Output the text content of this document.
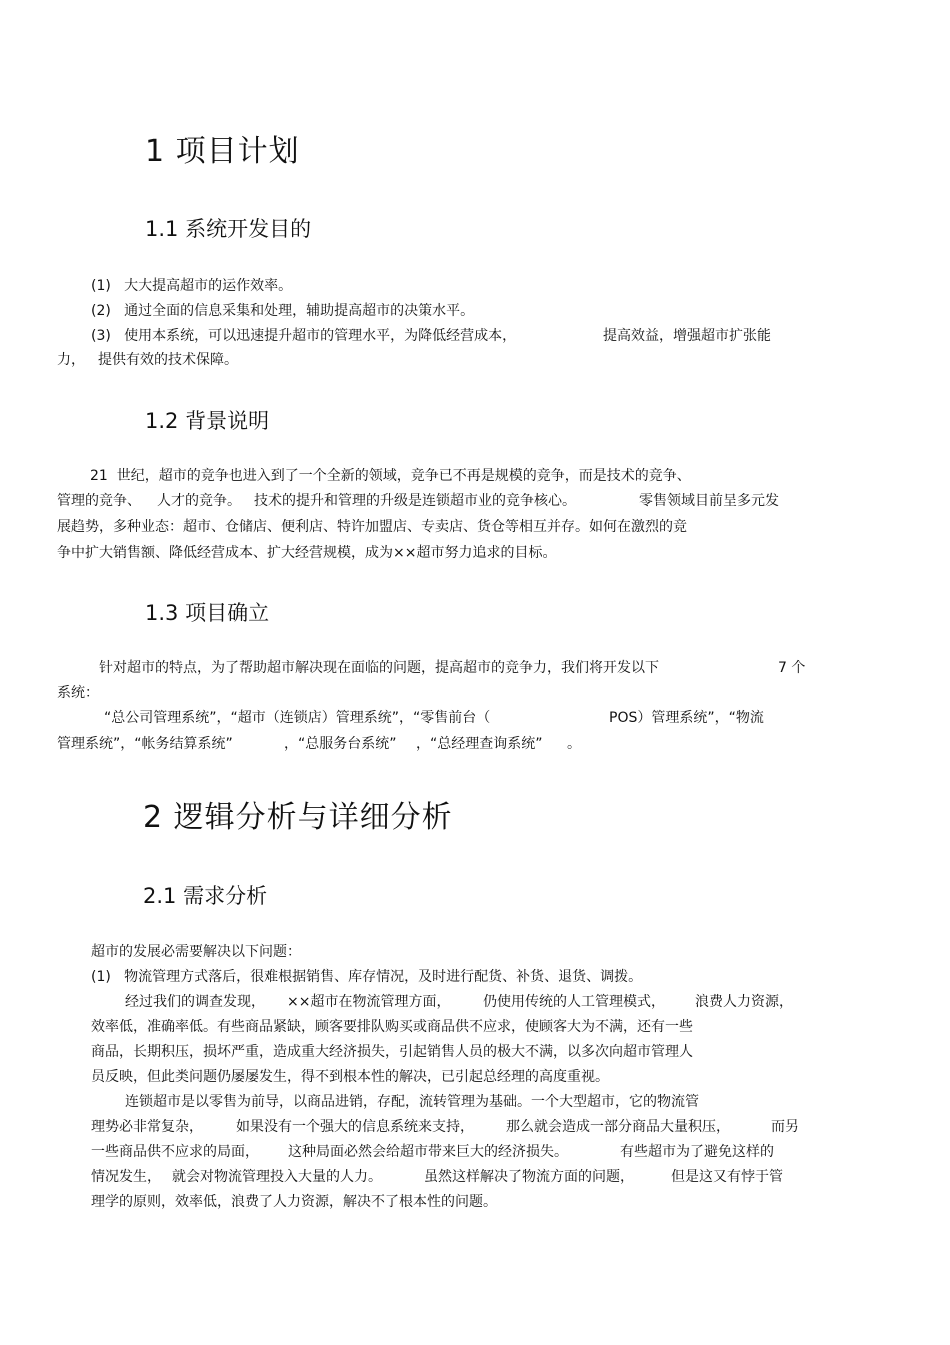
1 项目计划
1.1 系统开发目的
(1)   大大提高超市的运作效率。
(2)   通过全面的信息采集和处理，辅助提高超市的决策水平。
(3)   使用本系统，可以迅速提升超市的管理水平，为降低经营成本，	提高效益，增强超市扩张能
力， 提供有效的技术保障。
1.2 背景说明
21  世纪，超市的竞争也进入到了一个全新的领域，竞争已不再是规模的竞争，而是技术的竞争、
管理的竞争、 人才的竞争。 技术的提升和管理的升级是连锁超市业的竞争核心。	零售领域目前呈多元发
展趋势，多种业态：超市、仓储店、便利店、特许加盟店、专卖店、货仓等相互并存。如何在激烈的竞
争中扩大销售额、降低经营成本、扩大经营规模，成为××超市努力追求的目标。
1.3 项目确立
针对超市的特点，为了帮助超市解决现在面临的问题，提高超市的竞争力，我们将开发以下	7 个
系统：
“总公司管理系统”，“超市（连锁店）管理系统”，“零售前台（	POS）管理系统”，“物流
管理系统”，“帐务结算系统”	，“总服务台系统” ，“总经理查询系统” 。
2 逻辑分析与详细分析
2.1 需求分析
超市的发展必需要解决以下问题：
(1)   物流管理方式落后，很难根据销售、库存情况，及时进行配货、补货、退货、调拨。
经过我们的调查发现， ××超市在物流管理方面， 仍使用传统的人工管理模式， 浪费人力资源，
效率低，准确率低。有些商品紧缺，顾客要排队购买或商品供不应求，使顾客大为不满，还有一些
商品，长期积压，损坏严重，造成重大经济损失，引起销售人员的极大不满，以多次向超市管理人
员反映，但此类问题仍屡屡发生，得不到根本性的解决，已引起总经理的高度重视。
连锁超市是以零售为前导，以商品进销，存配，流转管理为基础。一个大型超市，它的物流管
理势必非常复杂， 如果没有一个强大的信息系统来支持， 那么就会造成一部分商品大量积压，	而另
一些商品供不应求的局面， 这种局面必然会给超市带来巨大的经济损失。	有些超市为了避免这样的
情况发生， 就会对物流管理投入大量的人力。	虽然这样解决了物流方面的问题，	但是这又有悖于管
理学的原则，效率低，浪费了人力资源，解决不了根本性的问题。
